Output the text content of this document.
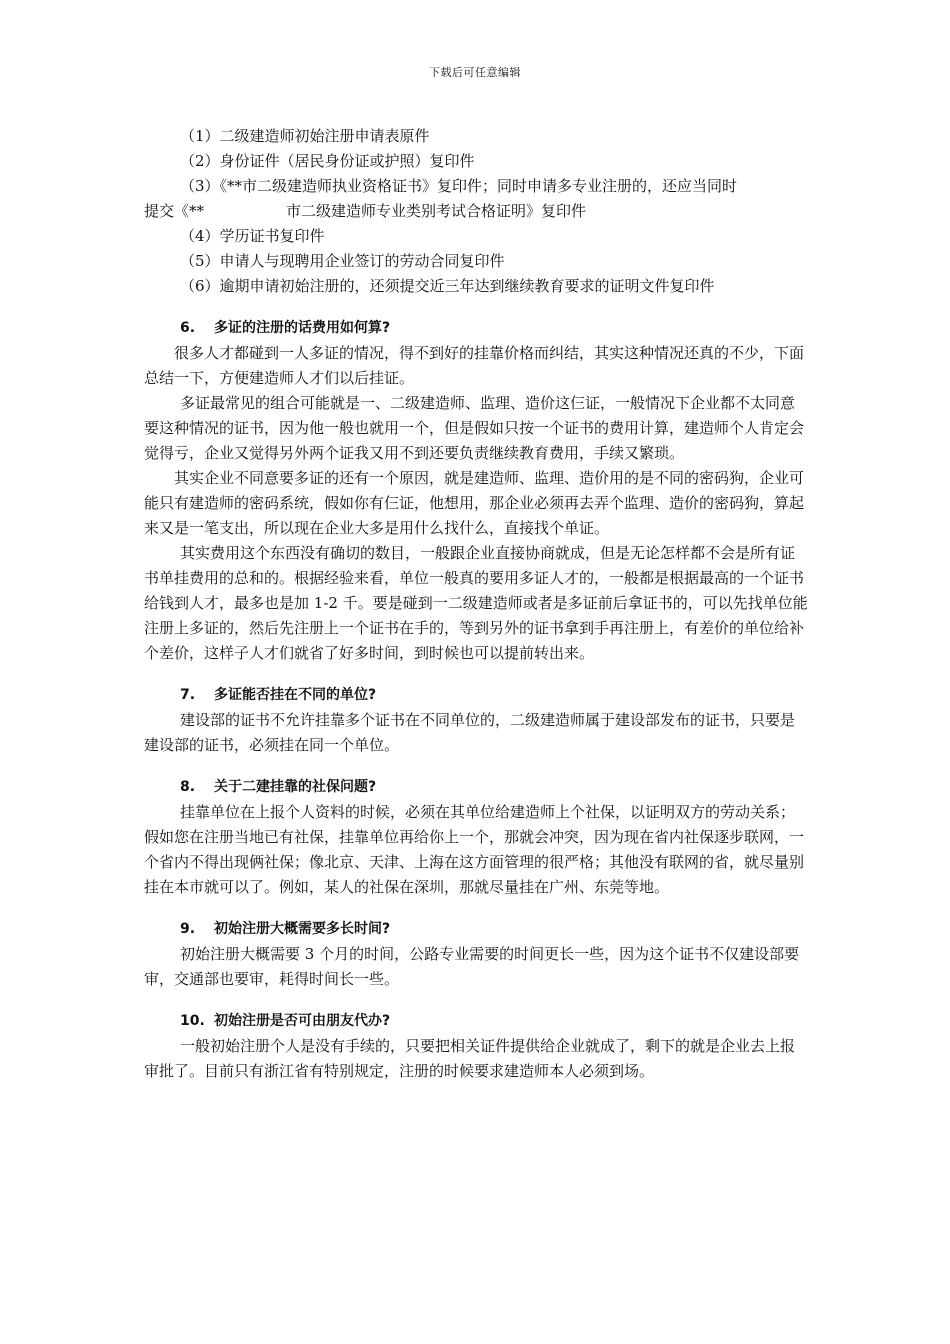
下载后可任意编辑

（1）二级建造师初始注册申请表原件

（2）身份证件（居民身份证或护照）复印件

（3）《**市二级建造师执业资格证书》复印件；同时申请多专业注册的，还应当同时

提交《**	市二级建造师专业类别考试合格证明》复印件

（4）学历证书复印件

（5）申请人与现聘用企业签订的劳动合同复印件

（6）逾期申请初始注册的，还须提交近三年达到继续教育要求的证明文件复印件

6. 多证的注册的话费用如何算?

很多人才都碰到一人多证的情况，得不到好的挂靠价格而纠结，其实这种情况还真的不少，下面总结一下，方便建造师人才们以后挂证。

多证最常见的组合可能就是一、二级建造师、监理、造价这仨证，一般情况下企业都不太同意要这种情况的证书，因为他一般也就用一个，但是假如只按一个证书的费用计算，建造师个人肯定会觉得亏，企业又觉得另外两个证我又用不到还要负责继续教育费用，手续又繁琐。

其实企业不同意要多证的还有一个原因，就是建造师、监理、造价用的是不同的密码狗，企业可能只有建造师的密码系统，假如你有仨证，他想用，那企业必须再去弄个监理、造价的密码狗，算起来又是一笔支出，所以现在企业大多是用什么找什么，直接找个单证。

其实费用这个东西没有确切的数目，一般跟企业直接协商就成，但是无论怎样都不会是所有证书单挂费用的总和的。根据经验来看，单位一般真的要用多证人才的，一般都是根据最高的一个证书给钱到人才，最多也是加 1-2 千。要是碰到一二级建造师或者是多证前后拿证书的，可以先找单位能注册上多证的，然后先注册上一个证书在手的，等到另外的证书拿到手再注册上，有差价的单位给补个差价，这样子人才们就省了好多时间，到时候也可以提前转出来。

7. 多证能否挂在不同的单位?

建设部的证书不允许挂靠多个证书在不同单位的，二级建造师属于建设部发布的证书，只要是建设部的证书，必须挂在同一个单位。

8. 关于二建挂靠的社保问题?

挂靠单位在上报个人资料的时候，必须在其单位给建造师上个社保，以证明双方的劳动关系；假如您在注册当地已有社保，挂靠单位再给你上一个，那就会冲突，因为现在省内社保逐步联网，一个省内不得出现俩社保；像北京、天津、上海在这方面管理的很严格；其他没有联网的省，就尽量别挂在本市就可以了。例如，某人的社保在深圳，那就尽量挂在广州、东莞等地。

9. 初始注册大概需要多长时间?

初始注册大概需要 3 个月的时间，公路专业需要的时间更长一些，因为这个证书不仅建设部要审，交通部也要审，耗得时间长一些。

10. 初始注册是否可由朋友代办?

一般初始注册个人是没有手续的，只要把相关证件提供给企业就成了，剩下的就是企业去上报审批了。目前只有浙江省有特别规定，注册的时候要求建造师本人必须到场。
